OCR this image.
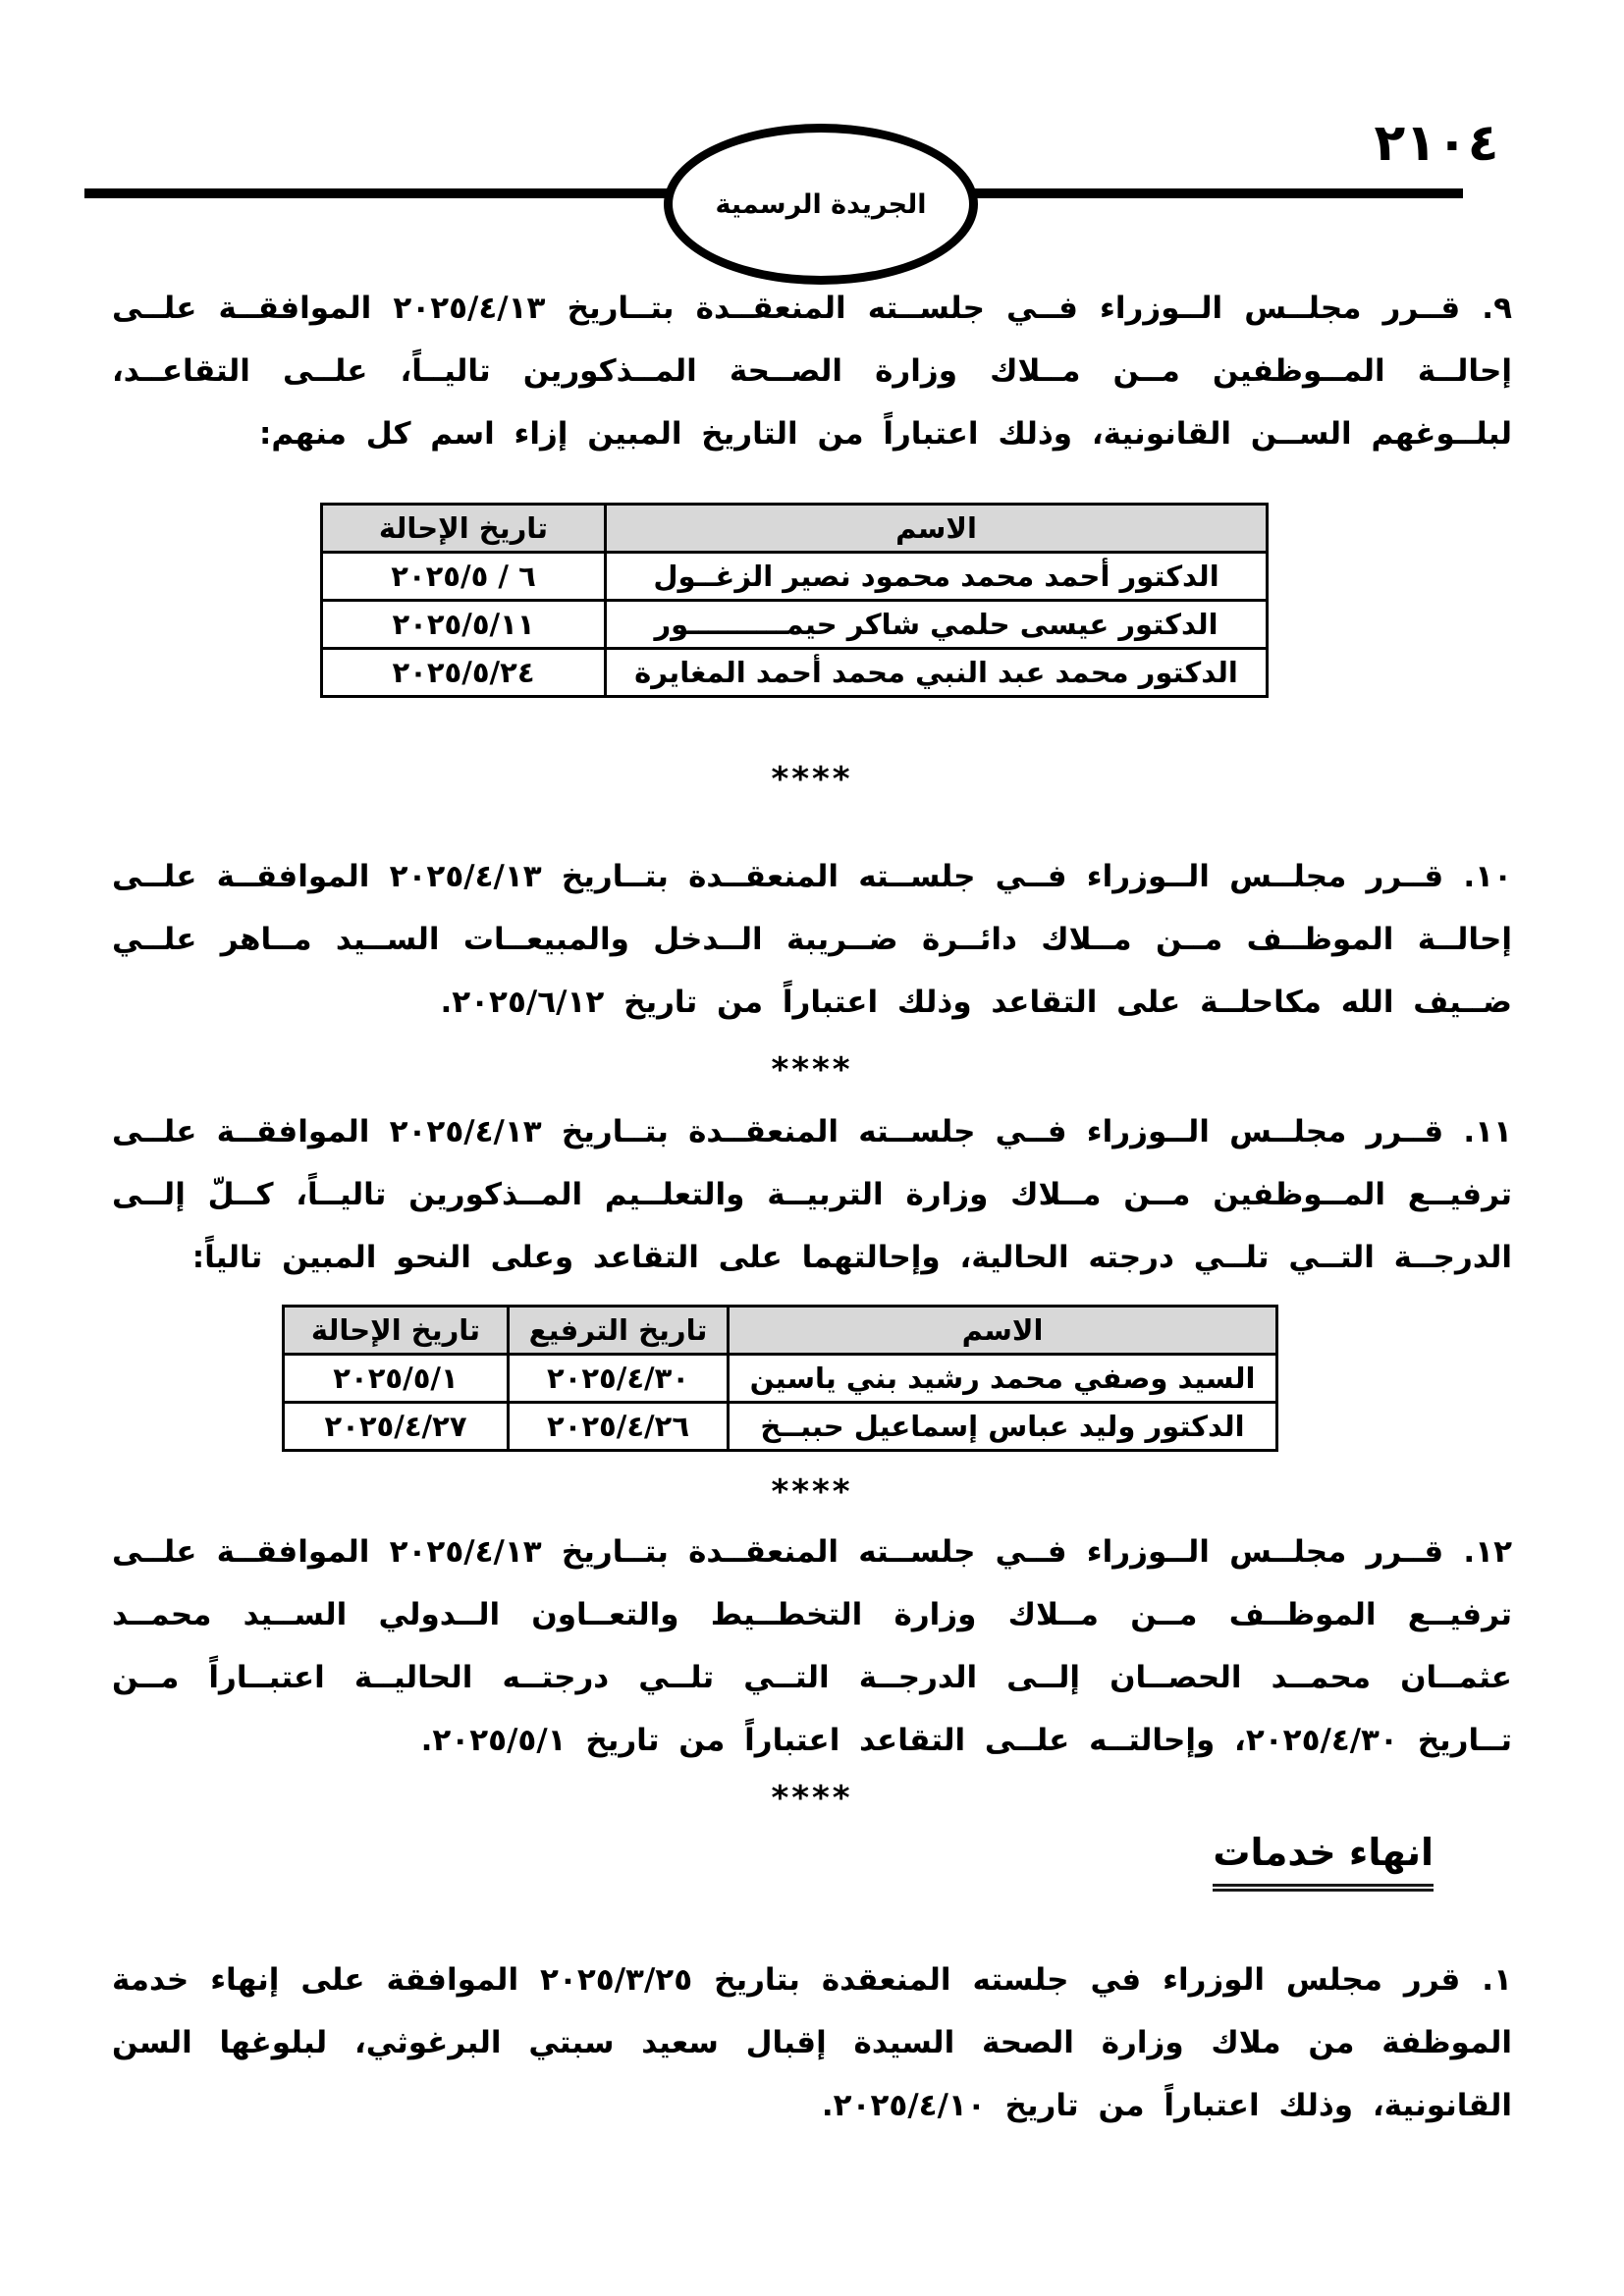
٢١٠٤
الجريدة الرسمية

٩. قــرر مجلــس الــوزراء فــي جلســته المنعقــدة بتــاريخ ٢٠٢٥/٤/١٣ الموافقــة علــى إحالــة المــوظفين مــن مــلاك وزارة الصــحة المــذكورين تاليــاً، علــى التقاعــد، لبلــوغهم الســن القانونية، وذلك اعتباراً من التاريخ المبين إزاء اسم كل منهم:

الاسم	تاريخ الإحالة
الدكتور أحمد محمد محمود نصير الزغــول	٢٠٢٥/٥ ‎/ ٦
الدكتور عيسى حلمي شاكر حيمــــــــــور	٢٠٢٥/٥/١١
الدكتور محمد عبد النبي محمد أحمد المغايرة	٢٠٢٥/٥/٢٤
****

١٠. قــرر مجلــس الــوزراء فــي جلســته المنعقــدة بتــاريخ ٢٠٢٥/٤/١٣ الموافقــة علــى إحالــة الموظــف مــن مــلاك دائــرة ضــريبة الــدخل والمبيعــات الســيد مــاهر علــي ضــيف الله مكاحلــة على التقاعد وذلك اعتباراً من تاريخ ٢٠٢٥/٦/١٢.

****

١١. قــرر مجلــس الــوزراء فــي جلســته المنعقــدة بتــاريخ ٢٠٢٥/٤/١٣ الموافقــة علــى ترفيــع المــوظفين مــن مــلاك وزارة التربيــة والتعلــيم المــذكورين تاليــاً، كــلّ إلــى الدرجــة التــي تلــي درجته الحالية، وإحالتهما على التقاعد وعلى النحو المبين تالياً:

الاسم	تاريخ الترفيع	تاريخ الإحالة
السيد وصفي محمد رشيد بني ياسين	٢٠٢٥/٤/٣٠	٢٠٢٥/٥/١
الدكتور وليد عباس إسماعيل حببــخ	٢٠٢٥/٤/٢٦	٢٠٢٥/٤/٢٧
****

١٢. قــرر مجلــس الــوزراء فــي جلســته المنعقــدة بتــاريخ ٢٠٢٥/٤/١٣ الموافقــة علــى ترفيــع الموظــف مــن مــلاك وزارة التخطــيط والتعــاون الــدولي الســيد محمــد عثمــان محمــد الحصــان إلــى الدرجــة التــي تلــي درجتــه الحاليــة اعتبــاراً مــن تــاريخ ٢٠٢٥/٤/٣٠، وإحالتــه علــى التقاعد اعتباراً من تاريخ ٢٠٢٥/٥/١.

****
انهاء خدمات

١. قرر مجلس الوزراء في جلسته المنعقدة بتاريخ ٢٠٢٥/٣/٢٥ الموافقة على إنهاء خدمة الموظفة من ملاك وزارة الصحة السيدة إقبال سعيد سبتي البرغوثي، لبلوغها السن القانونية، وذلك اعتباراً من تاريخ ٢٠٢٥/٤/١٠.
